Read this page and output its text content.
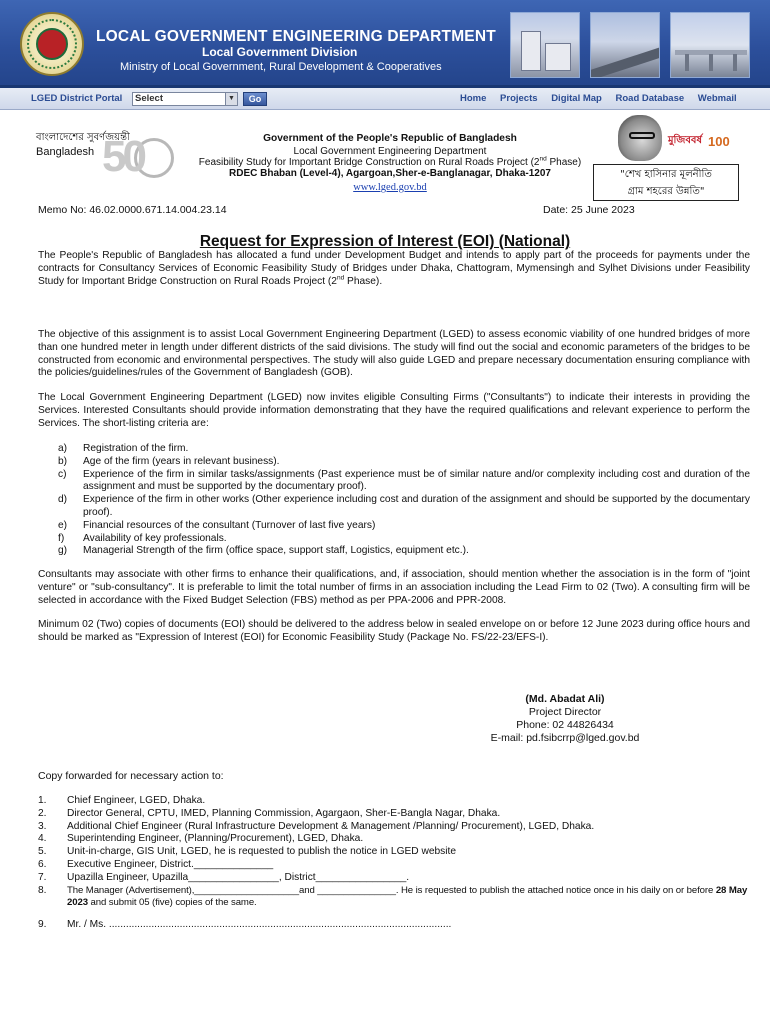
LOCAL GOVERNMENT ENGINEERING DEPARTMENT
Local Government Division
Ministry of Local Government, Rural Development & Cooperatives
LGED District Portal	Select	▼	Go	Home Projects Digital Map Road Database Webmail
50
বাংলাদেশের সুবর্ণজয়ন্তী
Bangladesh
Government of the People's Republic of Bangladesh
Local Government Engineering Department
Feasibility Study for Important Bridge Construction on Rural Roads Project (2nd Phase)
RDEC Bhaban (Level-4), Agargoan,Sher-e-Banglanagar, Dhaka-1207
www.lged.gov.bd
মুজিববর্ষ 100
"শেখ হাসিনার মূলনীতি
গ্রাম শহরের উন্নতি"
Memo No: 46.02.0000.671.14.004.23.14	Date: 25 June 2023
Request for Expression of Interest (EOI) (National)
The People's Republic of Bangladesh has allocated a fund under Development Budget and intends to apply part of the proceeds for payments under the contracts for Consultancy Services of Economic Feasibility Study of Bridges under Dhaka, Chattogram, Mymensingh and Sylhet Divisions under Feasibility Study for Important Bridge Construction on Rural Roads Project (2nd Phase).
The objective of this assignment is to assist Local Government Engineering Department (LGED) to assess economic viability of one hundred bridges of more than one hundred meter in length under different districts of the said divisions. The study will find out the social and economic parameters of the bridges to be constructed from economic and environmental perspectives. The study will also guide LGED and prepare necessary documentation ensuring compliance with the policies/guidelines/rules of the Government of Bangladesh (GOB).
The Local Government Engineering Department (LGED) now invites eligible Consulting Firms ("Consultants") to indicate their interests in providing the Services. Interested Consultants should provide information demonstrating that they have the required qualifications and relevant experience to perform the Services. The short-listing criteria are:
a)	Registration of the firm.
b)	Age of the firm (years in relevant business).
c)	Experience of the firm in similar tasks/assignments (Past experience must be of similar nature and/or complexity including cost and duration of the assignment and must be supported by the documentary proof).
d)	Experience of the firm in other works (Other experience including cost and duration of the assignment and should be supported by the documentary proof).
e)	Financial resources of the consultant (Turnover of last five years)
f)	Availability of key professionals.
g)	Managerial Strength of the firm (office space, support staff, Logistics, equipment etc.).
Consultants may associate with other firms to enhance their qualifications, and, if association, should mention whether the association is in the form of "joint venture" or "sub-consultancy". It is preferable to limit the total number of firms in an association including the Lead Firm to 02 (Two). A consulting firm will be selected in accordance with the Fixed Budget Selection (FBS) method as per PPA-2006 and PPR-2008.
Minimum 02 (Two) copies of documents (EOI) should be delivered to the address below in sealed envelope on or before 12 June 2023 during office hours and should be marked as "Expression of Interest (EOI) for Economic Feasibility Study (Package No. FS/22-23/EFS-I).
(Md. Abadat Ali)
Project Director
Phone: 02 44826434
E-mail: pd.fsibcrrp@lged.gov.bd
Copy forwarded for necessary action to:
1.	Chief Engineer, LGED, Dhaka.
2.	Director General, CPTU, IMED, Planning Commission, Agargaon, Sher-E-Bangla Nagar, Dhaka.
3.	Additional Chief Engineer (Rural Infrastructure Development & Management /Planning/ Procurement), LGED, Dhaka.
4.	Superintending Engineer, (Planning/Procurement), LGED, Dhaka.
5.	Unit-in-charge, GIS Unit, LGED, he is requested to publish the notice in LGED website
6.	Executive Engineer, District.______________
7.	Upazilla Engineer, Upazilla________________, District________________.
8.	The Manager (Advertisement),____________________and _______________. He is requested to publish the attached notice once in his daily on or before 28 May 2023 and submit 05 (five) copies of the same.
9.	Mr. / Ms. .........................................................................................................................
